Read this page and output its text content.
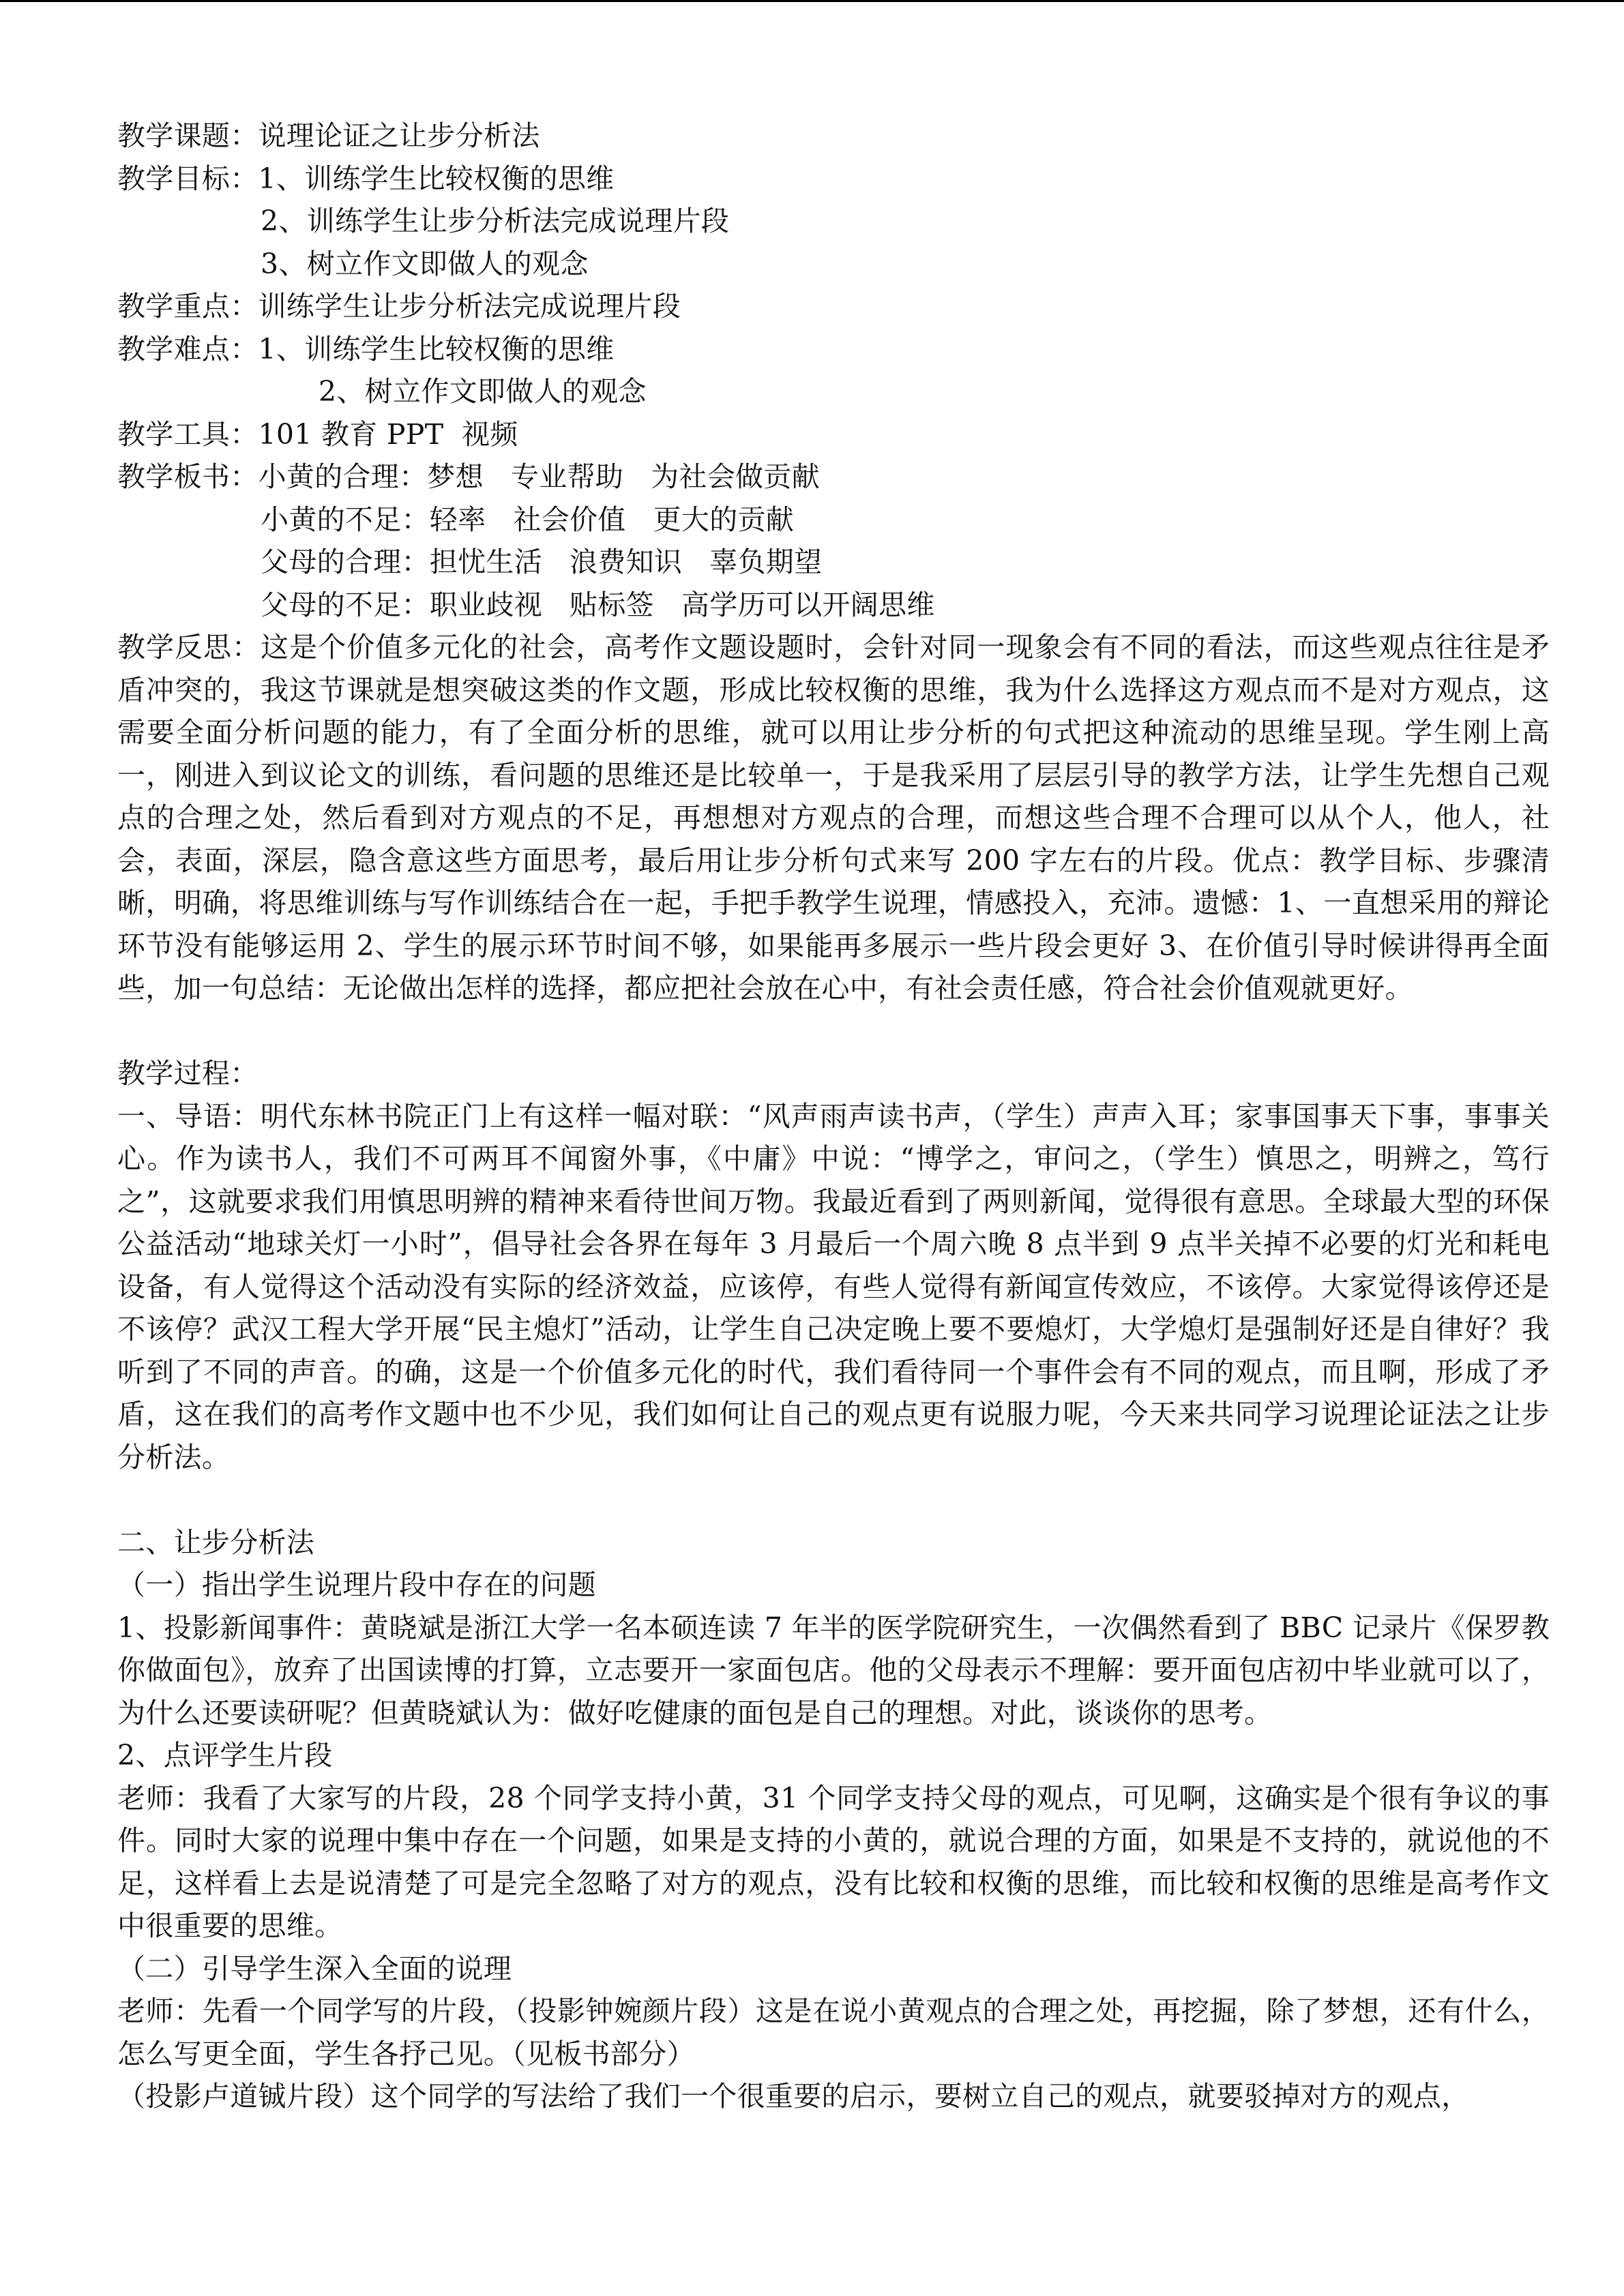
教学课题：说理论证之让步分析法
教学目标：1、训练学生比较权衡的思维
2、训练学生让步分析法完成说理片段
3、树立作文即做人的观念
教学重点：训练学生让步分析法完成说理片段
教学难点：1、训练学生比较权衡的思维
2、树立作文即做人的观念
教学工具：101 教育 PPT  视频
教学板书：小黄的合理：梦想 专业帮助 为社会做贡献
小黄的不足：轻率 社会价值 更大的贡献
父母的合理：担忧生活 浪费知识 辜负期望
父母的不足：职业歧视 贴标签 高学历可以开阔思维

教学反思：这是个价值多元化的社会，高考作文题设题时，会针对同一现象会有不同的看法，而这些观点往往是矛盾冲突的，我这节课就是想突破这类的作文题，形成比较权衡的思维，我为什么选择这方观点而不是对方观点，这需要全面分析问题的能力，有了全面分析的思维，就可以用让步分析的句式把这种流动的思维呈现。学生刚上高一，刚进入到议论文的训练，看问题的思维还是比较单一，于是我采用了层层引导的教学方法，让学生先想自己观点的合理之处，然后看到对方观点的不足，再想想对方观点的合理，而想这些合理不合理可以从个人，他人，社会，表面，深层，隐含意这些方面思考，最后用让步分析句式来写 200 字左右的片段。优点：教学目标、步骤清晰，明确，将思维训练与写作训练结合在一起，手把手教学生说理，情感投入，充沛。遗憾：1、一直想采用的辩论环节没有能够运用 2、学生的展示环节时间不够，如果能再多展示一些片段会更好 3、在价值引导时候讲得再全面些，加一句总结：无论做出怎样的选择，都应把社会放在心中，有社会责任感，符合社会价值观就更好。

教学过程：

一、导语：明代东林书院正门上有这样一幅对联：“风声雨声读书声，（学生）声声入耳；家事国事天下事，事事关心。作为读书人，我们不可两耳不闻窗外事，《中庸》中说：“博学之，审问之，（学生）慎思之，明辨之，笃行之”，这就要求我们用慎思明辨的精神来看待世间万物。我最近看到了两则新闻，觉得很有意思。全球最大型的环保公益活动“地球关灯一小时”，倡导社会各界在每年 3 月最后一个周六晚 8 点半到 9 点半关掉不必要的灯光和耗电设备，有人觉得这个活动没有实际的经济效益，应该停，有些人觉得有新闻宣传效应，不该停。大家觉得该停还是不该停？武汉工程大学开展“民主熄灯”活动，让学生自己决定晚上要不要熄灯，大学熄灯是强制好还是自律好？我听到了不同的声音。的确，这是一个价值多元化的时代，我们看待同一个事件会有不同的观点，而且啊，形成了矛盾，这在我们的高考作文题中也不少见，我们如何让自己的观点更有说服力呢，今天来共同学习说理论证法之让步分析法。

二、让步分析法
（一）指出学生说理片段中存在的问题

1、投影新闻事件：黄晓斌是浙江大学一名本硕连读 7 年半的医学院研究生，一次偶然看到了 BBC 记录片《保罗教你做面包》，放弃了出国读博的打算，立志要开一家面包店。他的父母表示不理解：要开面包店初中毕业就可以了，为什么还要读研呢？但黄晓斌认为：做好吃健康的面包是自己的理想。对此，谈谈你的思考。

2、点评学生片段

老师：我看了大家写的片段，28 个同学支持小黄，31 个同学支持父母的观点，可见啊，这确实是个很有争议的事件。同时大家的说理中集中存在一个问题，如果是支持的小黄的，就说合理的方面，如果是不支持的，就说他的不足，这样看上去是说清楚了可是完全忽略了对方的观点，没有比较和权衡的思维，而比较和权衡的思维是高考作文中很重要的思维。

（二）引导学生深入全面的说理

老师：先看一个同学写的片段，（投影钟婉颜片段）这是在说小黄观点的合理之处，再挖掘，除了梦想，还有什么，怎么写更全面，学生各抒己见。（见板书部分）

（投影卢道铖片段）这个同学的写法给了我们一个很重要的启示，要树立自己的观点，就要驳掉对方的观点，
